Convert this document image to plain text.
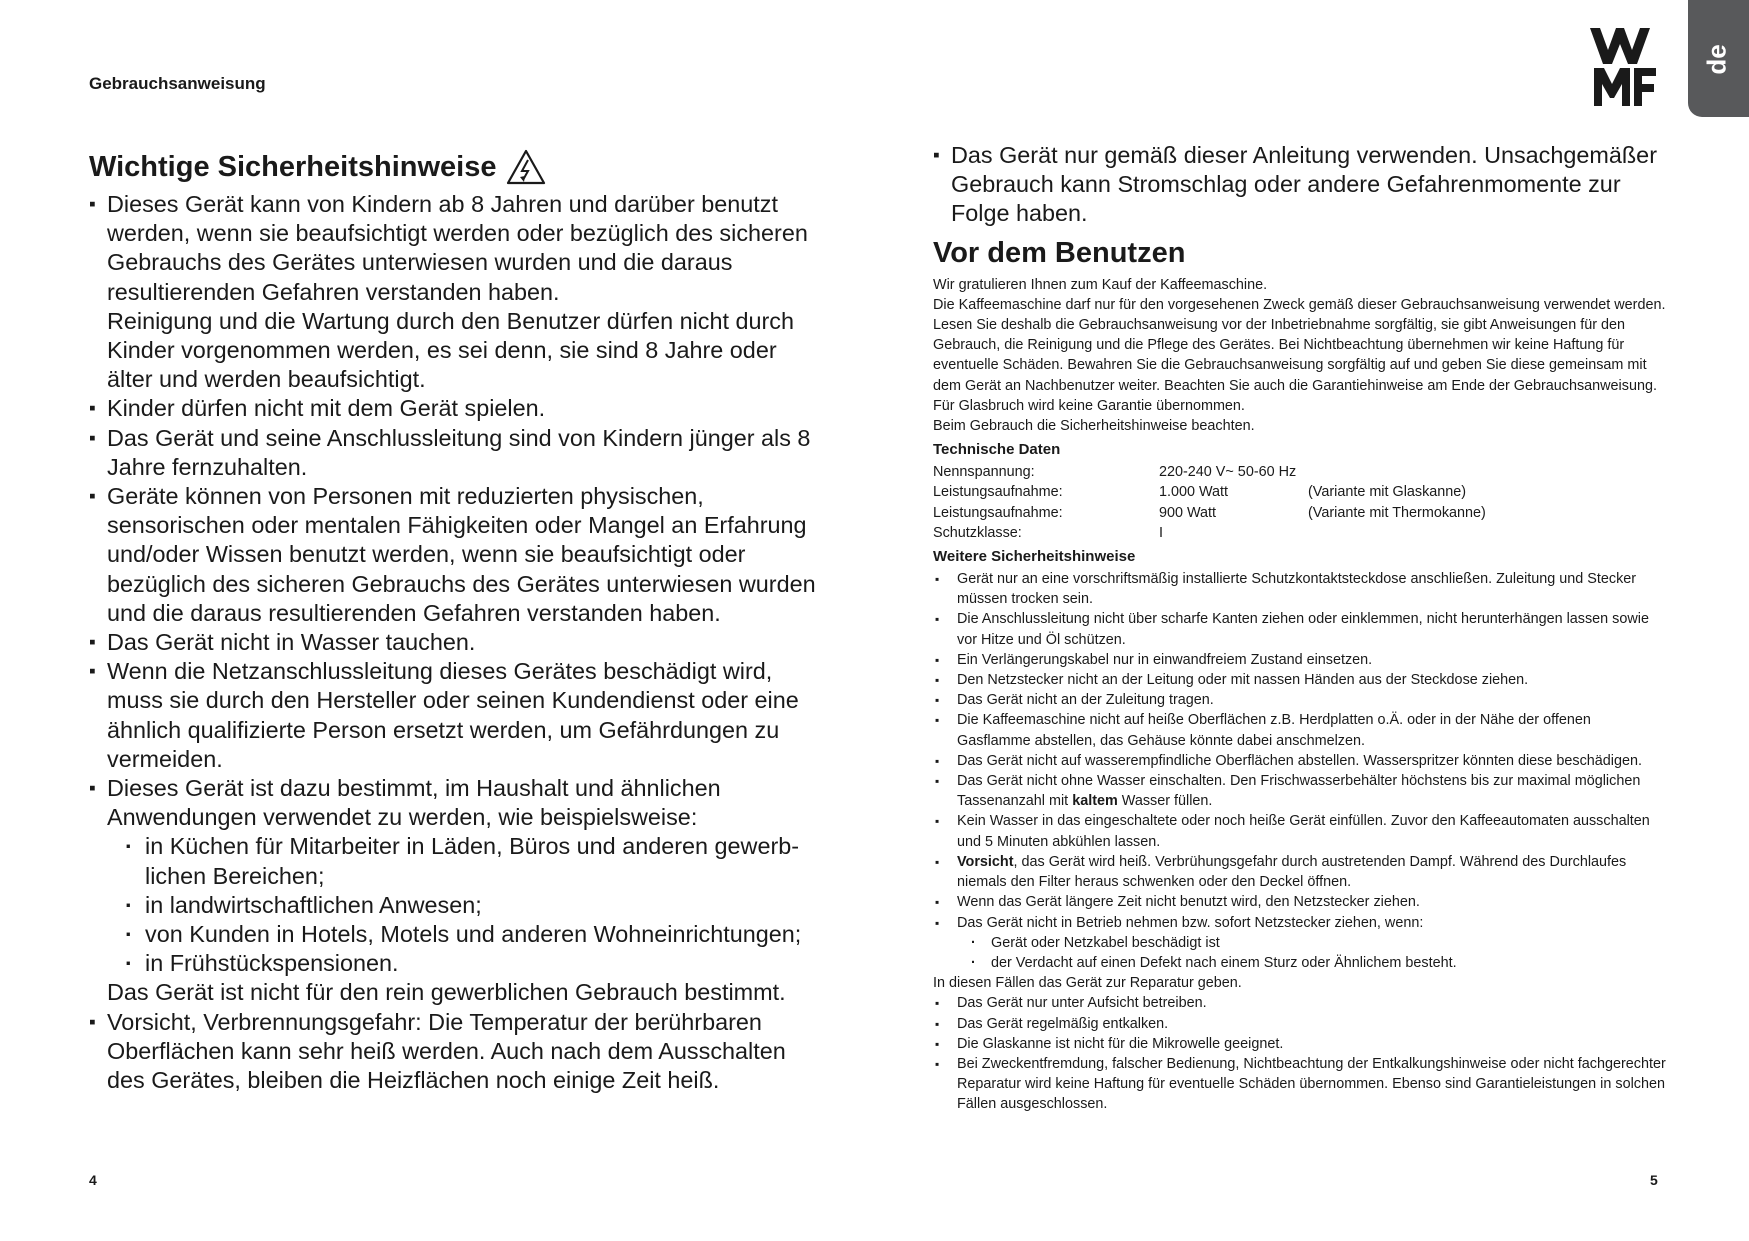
Gebrauchsanweisung
de
Wichtige Sicherheitshinweise
▪ Dieses Gerät kann von Kindern ab 8 Jahren und darüber benutzt werden, wenn sie beaufsichtigt werden oder bezüglich des sicheren Gebrauchs des Gerätes unterwiesen wurden und die daraus resultierenden Gefahren verstanden haben.
Reinigung und die Wartung durch den Benutzer dürfen nicht durch Kinder vorgenommen werden, es sei denn, sie sind 8 Jahre oder älter und werden beaufsichtigt.
▪ Kinder dürfen nicht mit dem Gerät spielen.
▪ Das Gerät und seine Anschlussleitung sind von Kindern jünger als 8 Jahre fernzuhalten.
▪ Geräte können von Personen mit reduzierten physischen, sensorischen oder mentalen Fähigkeiten oder Mangel an Erfahrung und/oder Wissen benutzt werden, wenn sie beaufsichtigt oder bezüglich des sicheren Gebrauchs des Gerätes unterwiesen wurden und die daraus resultierenden Gefahren verstanden haben.
▪ Das Gerät nicht in Wasser tauchen.
▪ Wenn die Netzanschlussleitung dieses Gerätes beschädigt wird, muss sie durch den Hersteller oder seinen Kundendienst oder eine ähnlich qualifizierte Person ersetzt werden, um Gefährdungen zu vermeiden.
▪ Dieses Gerät ist dazu bestimmt, im Haushalt und ähnlichen Anwendungen verwendet zu werden, wie beispielsweise:
· in Küchen für Mitarbeiter in Läden, Büros und anderen gewerb-lichen Bereichen;
· in landwirtschaftlichen Anwesen;
· von Kunden in Hotels, Motels und anderen Wohneinrichtungen;
· in Frühstückspensionen.
Das Gerät ist nicht für den rein gewerblichen Gebrauch bestimmt.
▪ Vorsicht, Verbrennungsgefahr: Die Temperatur der berührbaren Oberflächen kann sehr heiß werden. Auch nach dem Ausschalten des Gerätes, bleiben die Heizflächen noch einige Zeit heiß.
4
▪ Das Gerät nur gemäß dieser Anleitung verwenden. Unsachgemäßer Gebrauch kann Stromschlag oder andere Gefahrenmomente zur Folge haben.
Vor dem Benutzen

Wir gratulieren Ihnen zum Kauf der Kaffeemaschine.

Die Kaffeemaschine darf nur für den vorgesehenen Zweck gemäß dieser Gebrauchsanweisung verwendet werden. Lesen Sie deshalb die Gebrauchsanweisung vor der Inbetriebnahme sorgfältig, sie gibt Anweisungen für den Gebrauch, die Reinigung und die Pflege des Gerätes. Bei Nichtbeachtung übernehmen wir keine Haftung für eventuelle Schäden. Bewahren Sie die Gebrauchsanweisung sorgfältig auf und geben Sie diese gemeinsam mit dem Gerät an Nachbenutzer weiter. Beachten Sie auch die Garantiehinweise am Ende der Gebrauchsanweisung.

Für Glasbruch wird keine Garantie übernommen.

Beim Gebrauch die Sicherheitshinweise beachten.

Technische Daten
Nennspannung:	220-240 V~ 50-60 Hz	
Leistungsaufnahme:	1.000 Watt	(Variante mit Glaskanne)
Leistungsaufnahme:	900 Watt	(Variante mit Thermokanne)
Schutzklasse:	I	
Weitere Sicherheitshinweise
▪ Gerät nur an eine vorschriftsmäßig installierte Schutzkontaktsteckdose anschließen. Zuleitung und Stecker müssen trocken sein.
▪ Die Anschlussleitung nicht über scharfe Kanten ziehen oder einklemmen, nicht herunterhängen lassen sowie vor Hitze und Öl schützen.
▪ Ein Verlängerungskabel nur in einwandfreiem Zustand einsetzen.
▪ Den Netzstecker nicht an der Leitung oder mit nassen Händen aus der Steckdose ziehen.
▪ Das Gerät nicht an der Zuleitung tragen.
▪ Die Kaffeemaschine nicht auf heiße Oberflächen z.B. Herdplatten o.Ä. oder in der Nähe der offenen Gasflamme abstellen, das Gehäuse könnte dabei anschmelzen.
▪ Das Gerät nicht auf wasserempfindliche Oberflächen abstellen. Wasserspritzer könnten diese beschädigen.
▪ Das Gerät nicht ohne Wasser einschalten. Den Frischwasserbehälter höchstens bis zur maximal möglichen Tassenanzahl mit kaltem Wasser füllen.
▪ Kein Wasser in das eingeschaltete oder noch heiße Gerät einfüllen. Zuvor den Kaffeeautomaten ausschalten und 5 Minuten abkühlen lassen.
▪ Vorsicht, das Gerät wird heiß. Verbrühungsgefahr durch austretenden Dampf. Während des Durchlaufes niemals den Filter heraus schwenken oder den Deckel öffnen.
▪ Wenn das Gerät längere Zeit nicht benutzt wird, den Netzstecker ziehen.
▪ Das Gerät nicht in Betrieb nehmen bzw. sofort Netzstecker ziehen, wenn:
· Gerät oder Netzkabel beschädigt ist
· der Verdacht auf einen Defekt nach einem Sturz oder Ähnlichem besteht.
In diesen Fällen das Gerät zur Reparatur geben.
▪ Das Gerät nur unter Aufsicht betreiben.
▪ Das Gerät regelmäßig entkalken.
▪ Die Glaskanne ist nicht für die Mikrowelle geeignet.
▪ Bei Zweckentfremdung, falscher Bedienung, Nichtbeachtung der Entkalkungshinweise oder nicht fachgerechter Reparatur wird keine Haftung für eventuelle Schäden übernommen. Ebenso sind Garantieleistungen in solchen Fällen ausgeschlossen.
5
